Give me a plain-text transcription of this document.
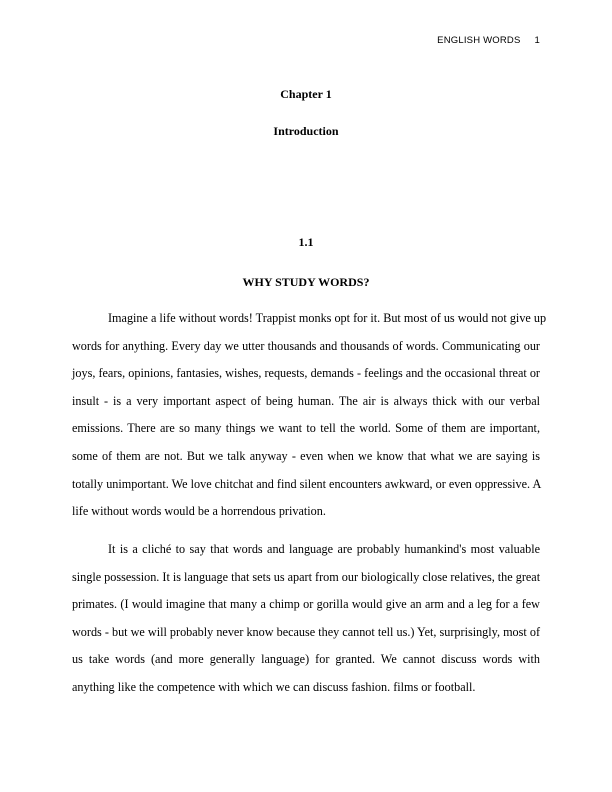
ENGLISH WORDS 1
Chapter 1
Introduction
1.1
WHY STUDY WORDS?
Imagine a life without words! Trappist monks opt for it. But most of us would not give up
words for anything. Every day we utter thousands and thousands of words. Communicating our
joys, fears, opinions, fantasies, wishes, requests, demands - feelings and the occasional threat or
insult - is a very important aspect of being human. The air is always thick with our verbal
emissions. There are so many things we want to tell the world. Some of them are important,
some of them are not. But we talk anyway - even when we know that what we are saying is
totally unimportant. We love chitchat and find silent encounters awkward, or even oppressive. A
life without words would be a horrendous privation.
It is a cliché to say that words and language are probably humankind's most valuable
single possession. It is language that sets us apart from our biologically close relatives, the great
primates. (I would imagine that many a chimp or gorilla would give an arm and a leg for a few
words - but we will probably never know because they cannot tell us.) Yet, surprisingly, most of
us take words (and more generally language) for granted. We cannot discuss words with
anything like the competence with which we can discuss fashion. films or football.
